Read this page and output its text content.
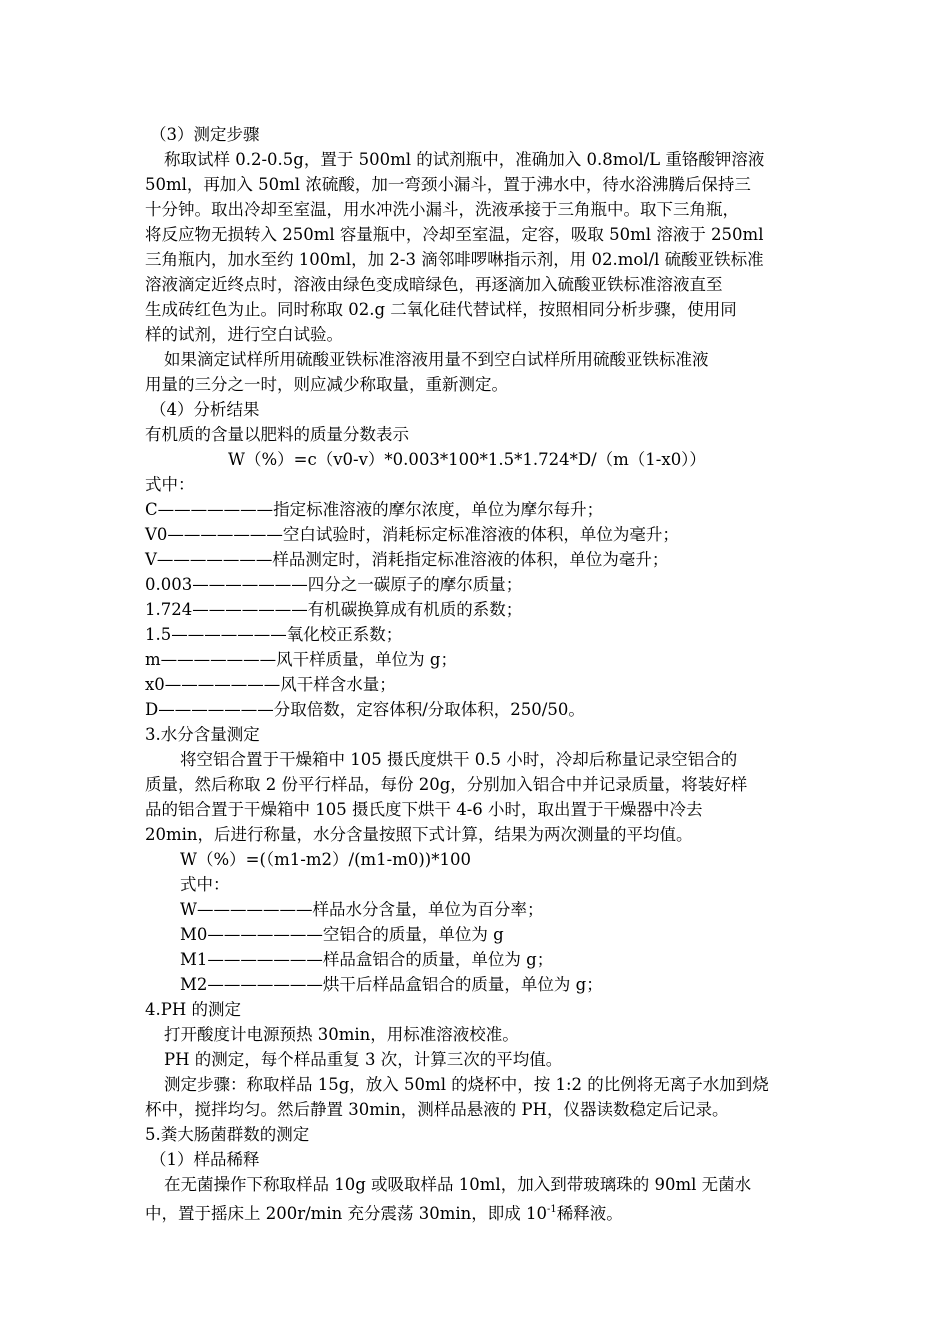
（3）测定步骤
称取试样 0.2-0.5g，置于 500ml 的试剂瓶中，准确加入 0.8mol/L 重铬酸钾溶液
50ml，再加入 50ml 浓硫酸，加一弯颈小漏斗，置于沸水中，待水浴沸腾后保持三
十分钟。取出冷却至室温，用水冲洗小漏斗，洗液承接于三角瓶中。取下三角瓶，
将反应物无损转入 250ml 容量瓶中，冷却至室温，定容，吸取 50ml 溶液于 250ml
三角瓶内，加水至约 100ml，加 2-3 滴邻啡啰啉指示剂，用 02.mol/l 硫酸亚铁标准
溶液滴定近终点时，溶液由绿色变成暗绿色，再逐滴加入硫酸亚铁标准溶液直至
生成砖红色为止。同时称取 02.g 二氧化硅代替试样，按照相同分析步骤，使用同
样的试剂，进行空白试验。
如果滴定试样所用硫酸亚铁标准溶液用量不到空白试样所用硫酸亚铁标准液
用量的三分之一时，则应减少称取量，重新测定。
（4）分析结果
有机质的含量以肥料的质量分数表示
W（%）=c（v0-v）*0.003*100*1.5*1.724*D/（m（1-x0））
式中：
C———————指定标准溶液的摩尔浓度，单位为摩尔每升；
V0———————空白试验时，消耗标定标准溶液的体积，单位为毫升；
V———————样品测定时，消耗指定标准溶液的体积，单位为毫升；
0.003———————四分之一碳原子的摩尔质量；
1.724———————有机碳换算成有机质的系数；
1.5———————氧化校正系数；
m———————风干样质量，单位为 g；
x0———————风干样含水量；
D———————分取倍数，定容体积/分取体积，250/50。
3.水分含量测定
将空铝合置于干燥箱中 105 摄氏度烘干 0.5 小时，冷却后称量记录空铝合的
质量，然后称取 2 份平行样品，每份 20g，分别加入铝合中并记录质量，将装好样
品的铝合置于干燥箱中 105 摄氏度下烘干 4-6 小时，取出置于干燥器中冷去
20min，后进行称量，水分含量按照下式计算，结果为两次测量的平均值。
W（%）=(（m1-m2）/(m1-m0))*100
式中：
W———————样品水分含量，单位为百分率；
M0———————空铝合的质量，单位为 g
M1———————样品盒铝合的质量，单位为 g；
M2———————烘干后样品盒铝合的质量，单位为 g；
4.PH 的测定
打开酸度计电源预热 30min，用标准溶液校准。
PH 的测定，每个样品重复 3 次，计算三次的平均值。
测定步骤：称取样品 15g，放入 50ml 的烧杯中，按 1:2 的比例将无离子水加到烧
杯中，搅拌均匀。然后静置 30min，测样品悬液的 PH，仪器读数稳定后记录。
5.粪大肠菌群数的测定
（1）样品稀释
在无菌操作下称取样品 10g 或吸取样品 10ml，加入到带玻璃珠的 90ml 无菌水
中，置于摇床上 200r/min 充分震荡 30min，即成 $10^{-1}$稀释液。
